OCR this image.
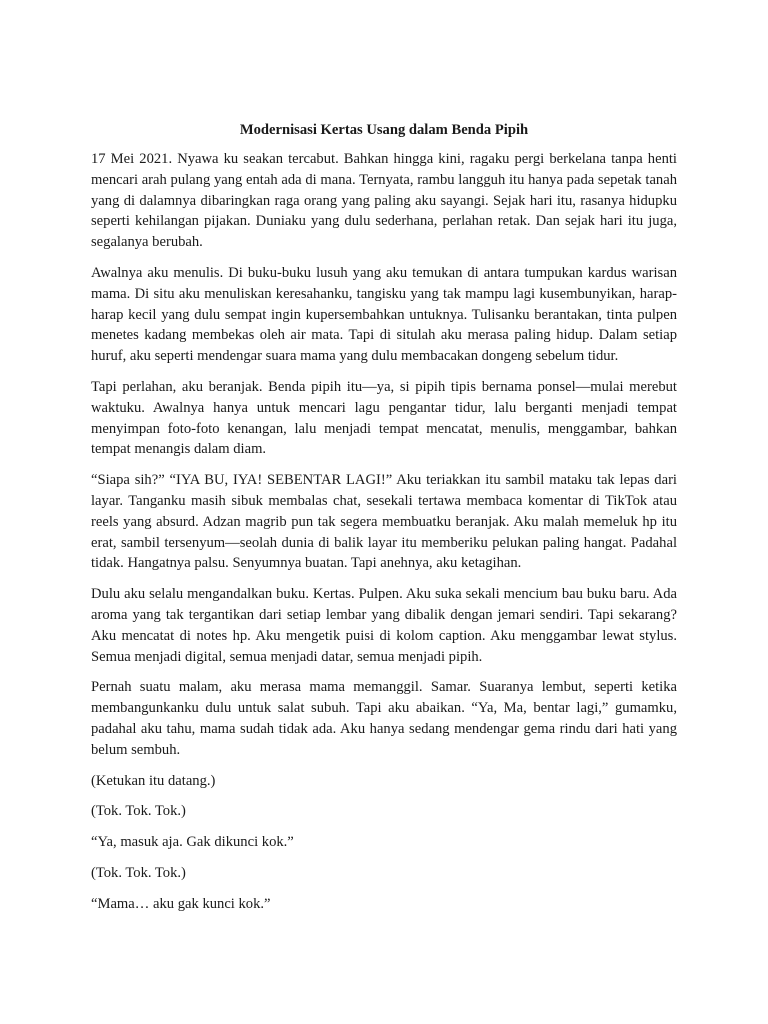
Modernisasi Kertas Usang dalam Benda Pipih

17 Mei 2021. Nyawa ku seakan tercabut. Bahkan hingga kini, ragaku pergi berkelana tanpa henti mencari arah pulang yang entah ada di mana. Ternyata, rambu langguh itu hanya pada sepetak tanah yang di dalamnya dibaringkan raga orang yang paling aku sayangi. Sejak hari itu, rasanya hidupku seperti kehilangan pijakan. Duniaku yang dulu sederhana, perlahan retak. Dan sejak hari itu juga, segalanya berubah.

Awalnya aku menulis. Di buku-buku lusuh yang aku temukan di antara tumpukan kardus warisan mama. Di situ aku menuliskan keresahanku, tangisku yang tak mampu lagi kusembunyikan, harap-harap kecil yang dulu sempat ingin kupersembahkan untuknya. Tulisanku berantakan, tinta pulpen menetes kadang membekas oleh air mata. Tapi di situlah aku merasa paling hidup. Dalam setiap huruf, aku seperti mendengar suara mama yang dulu membacakan dongeng sebelum tidur.

Tapi perlahan, aku beranjak. Benda pipih itu—ya, si pipih tipis bernama ponsel—mulai merebut waktuku. Awalnya hanya untuk mencari lagu pengantar tidur, lalu berganti menjadi tempat menyimpan foto-foto kenangan, lalu menjadi tempat mencatat, menulis, menggambar, bahkan tempat menangis dalam diam.

“Siapa sih?” “IYA BU, IYA! SEBENTAR LAGI!” Aku teriakkan itu sambil mataku tak lepas dari layar. Tanganku masih sibuk membalas chat, sesekali tertawa membaca komentar di TikTok atau reels yang absurd. Adzan magrib pun tak segera membuatku beranjak. Aku malah memeluk hp itu erat, sambil tersenyum—seolah dunia di balik layar itu memberiku pelukan paling hangat. Padahal tidak. Hangatnya palsu. Senyumnya buatan. Tapi anehnya, aku ketagihan.

Dulu aku selalu mengandalkan buku. Kertas. Pulpen. Aku suka sekali mencium bau buku baru. Ada aroma yang tak tergantikan dari setiap lembar yang dibalik dengan jemari sendiri. Tapi sekarang? Aku mencatat di notes hp. Aku mengetik puisi di kolom caption. Aku menggambar lewat stylus. Semua menjadi digital, semua menjadi datar, semua menjadi pipih.

Pernah suatu malam, aku merasa mama memanggil. Samar. Suaranya lembut, seperti ketika membangunkanku dulu untuk salat subuh. Tapi aku abaikan. “Ya, Ma, bentar lagi,” gumamku, padahal aku tahu, mama sudah tidak ada. Aku hanya sedang mendengar gema rindu dari hati yang belum sembuh.

(Ketukan itu datang.)

(Tok. Tok. Tok.)

“Ya, masuk aja. Gak dikunci kok.”

(Tok. Tok. Tok.)

“Mama… aku gak kunci kok.”
